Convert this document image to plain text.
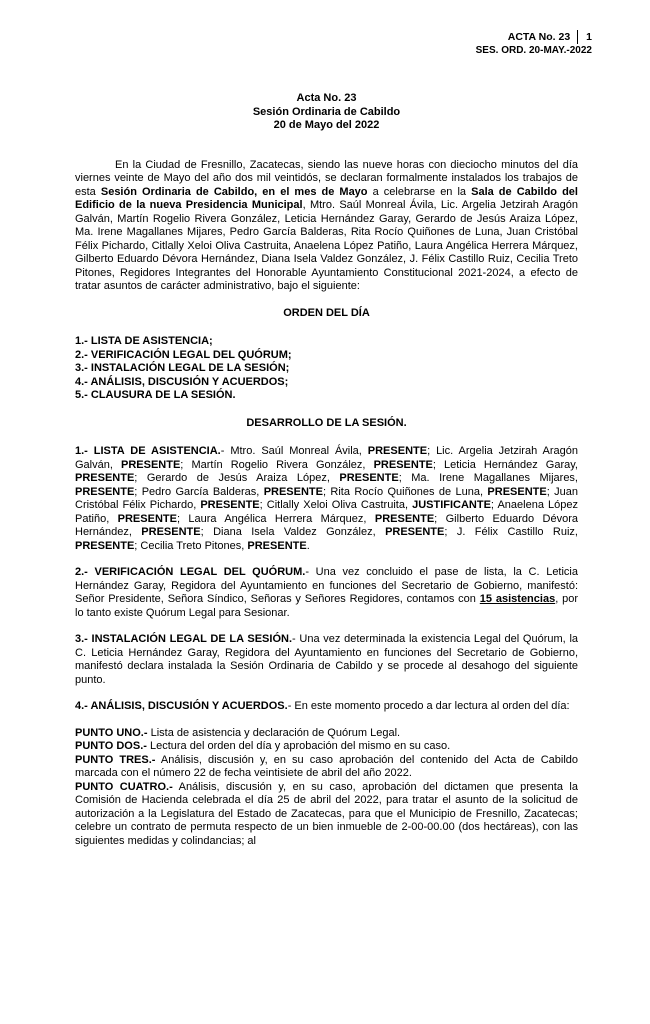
ACTA No. 23 1
SES. ORD. 20-MAY.-2022
Acta No. 23
Sesión Ordinaria de Cabildo
20 de Mayo del 2022

En la Ciudad de Fresnillo, Zacatecas, siendo las nueve horas con dieciocho minutos del día viernes veinte de Mayo del año dos mil veintidós, se declaran formalmente instalados los trabajos de esta Sesión Ordinaria de Cabildo, en el mes de Mayo a celebrarse en la Sala de Cabildo del Edificio de la nueva Presidencia Municipal, Mtro. Saúl Monreal Ávila, Lic. Argelia Jetzirah Aragón Galván, Martín Rogelio Rivera González, Leticia Hernández Garay, Gerardo de Jesús Araiza López, Ma. Irene Magallanes Mijares, Pedro García Balderas, Rita Rocío Quiñones de Luna, Juan Cristóbal Félix Pichardo, Citlally Xeloi Oliva Castruita, Anaelena López Patiño, Laura Angélica Herrera Márquez, Gilberto Eduardo Dévora Hernández, Diana Isela Valdez González, J. Félix Castillo Ruiz, Cecilia Treto Pitones, Regidores Integrantes del Honorable Ayuntamiento Constitucional 2021-2024, a efecto de tratar asuntos de carácter administrativo, bajo el siguiente:

ORDEN DEL DÍA
1.- LISTA DE ASISTENCIA;
2.- VERIFICACIÓN LEGAL DEL QUÓRUM;
3.- INSTALACIÓN LEGAL DE LA SESIÓN;
4.- ANÁLISIS, DISCUSIÓN Y ACUERDOS;
5.- CLAUSURA DE LA SESIÓN.
DESARROLLO DE LA SESIÓN.

1.- LISTA DE ASISTENCIA.- Mtro. Saúl Monreal Ávila, PRESENTE; Lic. Argelia Jetzirah Aragón Galván, PRESENTE; Martín Rogelio Rivera González, PRESENTE; Leticia Hernández Garay, PRESENTE; Gerardo de Jesús Araiza López, PRESENTE; Ma. Irene Magallanes Mijares, PRESENTE; Pedro García Balderas, PRESENTE; Rita Rocío Quiñones de Luna, PRESENTE; Juan Cristóbal Félix Pichardo, PRESENTE; Citlally Xeloi Oliva Castruita, JUSTIFICANTE; Anaelena López Patiño, PRESENTE; Laura Angélica Herrera Márquez, PRESENTE; Gilberto Eduardo Dévora Hernández, PRESENTE; Diana Isela Valdez González, PRESENTE; J. Félix Castillo Ruiz, PRESENTE; Cecilia Treto Pitones, PRESENTE.

2.- VERIFICACIÓN LEGAL DEL QUÓRUM.- Una vez concluido el pase de lista, la C. Leticia Hernández Garay, Regidora del Ayuntamiento en funciones del Secretario de Gobierno, manifestó: Señor Presidente, Señora Síndico, Señoras y Señores Regidores, contamos con 15 asistencias, por lo tanto existe Quórum Legal para Sesionar.

3.- INSTALACIÓN LEGAL DE LA SESIÓN.- Una vez determinada la existencia Legal del Quórum, la C. Leticia Hernández Garay, Regidora del Ayuntamiento en funciones del Secretario de Gobierno, manifestó declara instalada la Sesión Ordinaria de Cabildo y se procede al desahogo del siguiente punto.

4.- ANÁLISIS, DISCUSIÓN Y ACUERDOS.- En este momento procedo a dar lectura al orden del día:

PUNTO UNO.- Lista de asistencia y declaración de Quórum Legal.

PUNTO DOS.- Lectura del orden del día y aprobación del mismo en su caso.

PUNTO TRES.- Análisis, discusión y, en su caso aprobación del contenido del Acta de Cabildo marcada con el número 22 de fecha veintisiete de abril del año 2022.

PUNTO CUATRO.- Análisis, discusión y, en su caso, aprobación del dictamen que presenta la Comisión de Hacienda celebrada el día 25 de abril del 2022, para tratar el asunto de la solicitud de autorización a la Legislatura del Estado de Zacatecas, para que el Municipio de Fresnillo, Zacatecas; celebre un contrato de permuta respecto de un bien inmueble de 2-00-00.00 (dos hectáreas), con las siguientes medidas y colindancias; al
